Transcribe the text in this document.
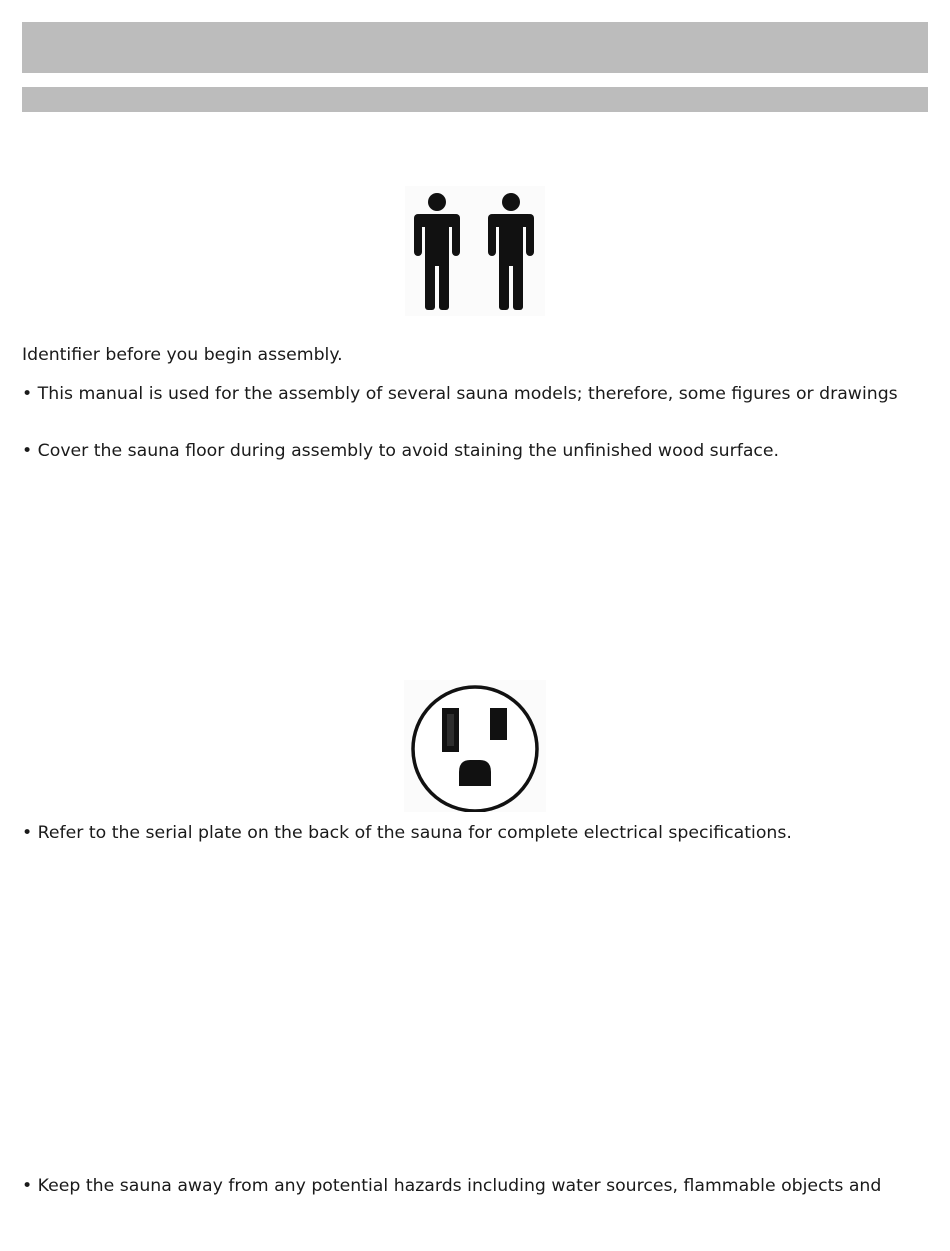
Identifier before you begin assembly.

• This manual is used for the assembly of several sauna models; therefore, some figures or drawings

• Cover the sauna floor during assembly to avoid staining the unfinished wood surface.

• Refer to the serial plate on the back of the sauna for complete electrical specifications.

• Keep the sauna away from any potential hazards including water sources, flammable objects and
